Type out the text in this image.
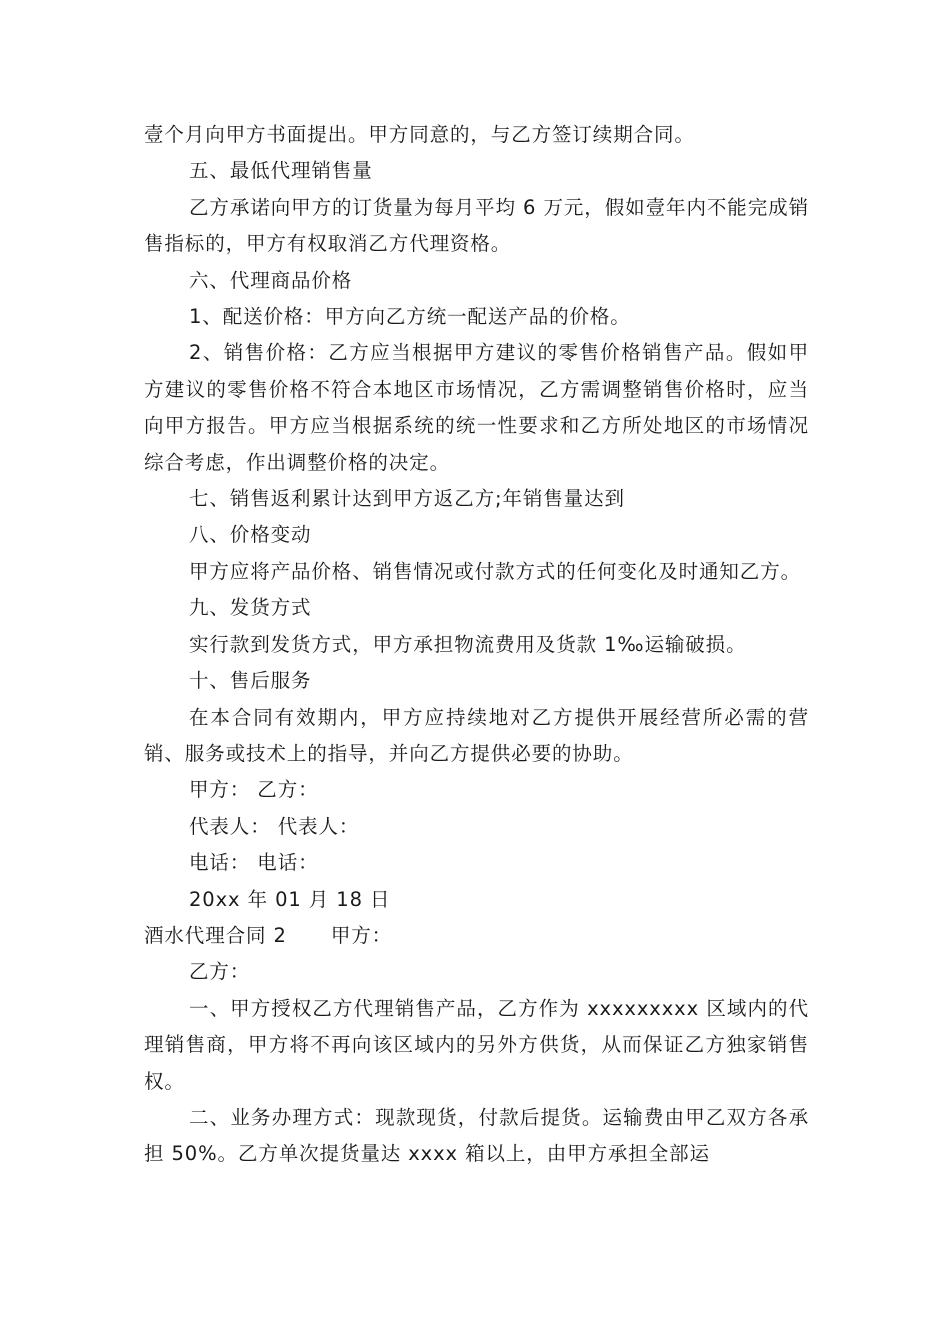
壹个月向甲方书面提出。甲方同意的，与乙方签订续期合同。

五、最低代理销售量

乙方承诺向甲方的订货量为每月平均 6 万元，假如壹年内不能完成销售指标的，甲方有权取消乙方代理资格。

六、代理商品价格

1、配送价格：甲方向乙方统一配送产品的价格。

2、销售价格：乙方应当根据甲方建议的零售价格销售产品。假如甲方建议的零售价格不符合本地区市场情况，乙方需调整销售价格时，应当向甲方报告。甲方应当根据系统的统一性要求和乙方所处地区的市场情况综合考虑，作出调整价格的决定。

七、销售返利累计达到甲方返乙方;年销售量达到

八、价格变动

甲方应将产品价格、销售情况或付款方式的任何变化及时通知乙方。

九、发货方式

实行款到发货方式，甲方承担物流费用及货款 1‰运输破损。

十、售后服务

在本合同有效期内，甲方应持续地对乙方提供开展经营所必需的营销、服务或技术上的指导，并向乙方提供必要的协助。

甲方： 乙方：

代表人： 代表人：

电话： 电话：

20xx 年 01 月 18 日

酒水代理合同 2 甲方：

乙方：

一、甲方授权乙方代理销售产品，乙方作为 xxxxxxxxx 区域内的代理销售商，甲方将不再向该区域内的另外方供货，从而保证乙方独家销售权。

二、业务办理方式：现款现货，付款后提货。运输费由甲乙双方各承担 50%。乙方单次提货量达 xxxx 箱以上，由甲方承担全部运
